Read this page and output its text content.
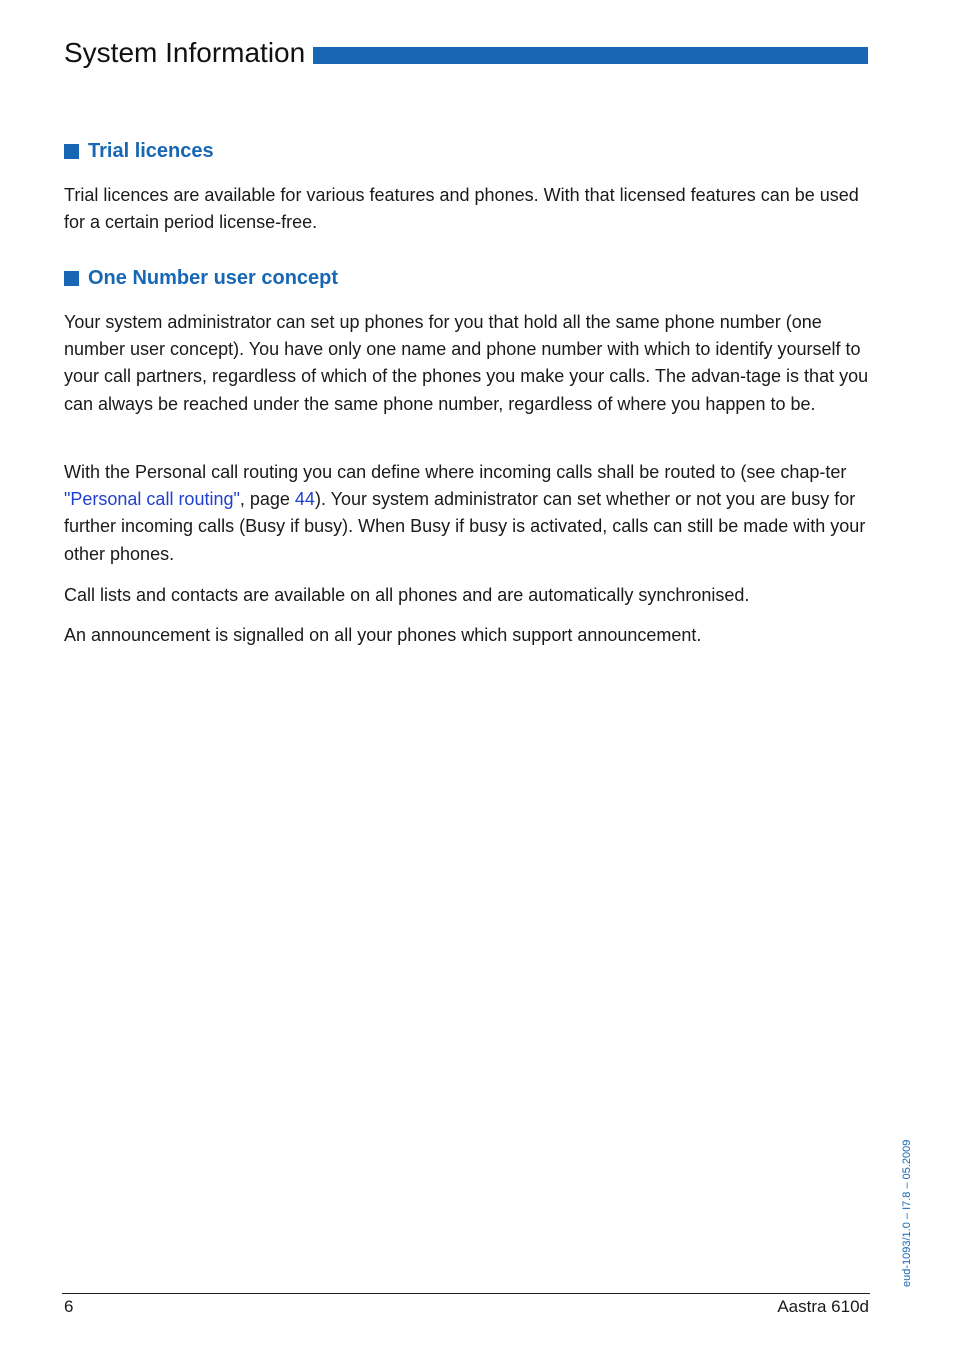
System Information
Trial licences

Trial licences are available for various features and phones. With that licensed features can be used for a certain period license-free.

One Number user concept

Your system administrator can set up phones for you that hold all the same phone number (one number user concept). You have only one name and phone number with which to identify yourself to your call partners, regardless of which of the phones you make your calls. The advan-tage is that you can always be reached under the same phone number, regardless of where you happen to be.

With the Personal call routing you can define where incoming calls shall be routed to (see chap-ter "Personal call routing", page 44). Your system administrator can set whether or not you are busy for further incoming calls (Busy if busy). When Busy if busy is activated, calls can still be made with your other phones.

Call lists and contacts are available on all phones and are automatically synchronised.

An announcement is signalled on all your phones which support announcement.

eud-1093/1.0 – I7.8 – 05.2009
6	Aastra 610d
